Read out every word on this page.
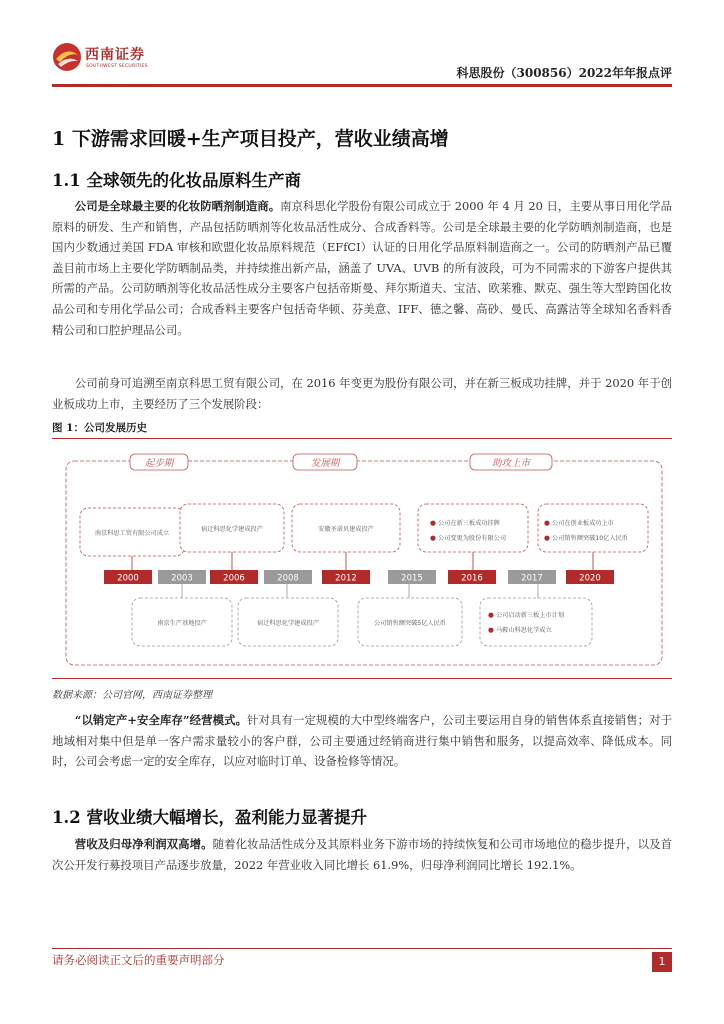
西南证券
SOUTHWEST SECURITIES	科思股份（300856）2022年年报点评
1 下游需求回暖+生产项目投产，营收业绩高增
1.1 全球领先的化妆品原料生产商
公司是全球最主要的化妆防晒剂制造商。南京科思化学股份有限公司成立于 2000 年 4 月 20 日，主要从事日用化学品原料的研发、生产和销售，产品包括防晒剂等化妆品活性成分、合成香料等。公司是全球最主要的化学防晒剂制造商，也是国内少数通过美国 FDA 审核和欧盟化妆品原料规范（EFfCI）认证的日用化学品原料制造商之一。公司的防晒剂产品已覆盖目前市场上主要化学防晒制品类，并持续推出新产品，涵盖了 UVA、UVB 的所有波段，可为不同需求的下游客户提供其所需的产品。公司防晒剂等化妆品活性成分主要客户包括帝斯曼、拜尔斯道夫、宝洁、欧莱雅、默克、强生等大型跨国化妆品公司和专用化学品公司；合成香料主要客户包括奇华顿、芬美意、IFF、德之馨、高砂、曼氏、高露洁等全球知名香料香精公司和口腔护理品公司。
公司前身可追溯至南京科思工贸有限公司，在 2016 年变更为股份有限公司，并在新三板成功挂牌，并于 2020 年于创业板成功上市，主要经历了三个发展阶段：
图 1：公司发展历史
起步期	发展期	助攻上市
南京科思工贸有限公司成立
宿迁科思化学建成投产	安徽圣诺贝建成投产
● 公司在新三板成功挂牌
● 公司变更为股份有限公司
● 公司在创业板成功上市
● 公司销售额突破10亿人民币
2000	2003	2006	2008	2012	2015	2016	2017	2020
南京生产基地投产	宿迁科思化学建成投产	公司销售额突破5亿人民币
● 公司启动新三板上市计划
● 马鞍山科思化学成立
数据来源：公司官网，西南证券整理
“以销定产+安全库存”经营模式。针对具有一定规模的大中型终端客户，公司主要运用自身的销售体系直接销售；对于地域相对集中但是单一客户需求量较小的客户群，公司主要通过经销商进行集中销售和服务，以提高效率、降低成本。同时，公司会考虑一定的安全库存，以应对临时订单、设备检修等情况。
1.2 营收业绩大幅增长，盈利能力显著提升
营收及归母净利润双高增。随着化妆品活性成分及其原料业务下游市场的持续恢复和公司市场地位的稳步提升，以及首次公开发行募投项目产品逐步放量，2022 年营业收入同比增长 61.9%，归母净利润同比增长 192.1%。
请务必阅读正文后的重要声明部分	1
